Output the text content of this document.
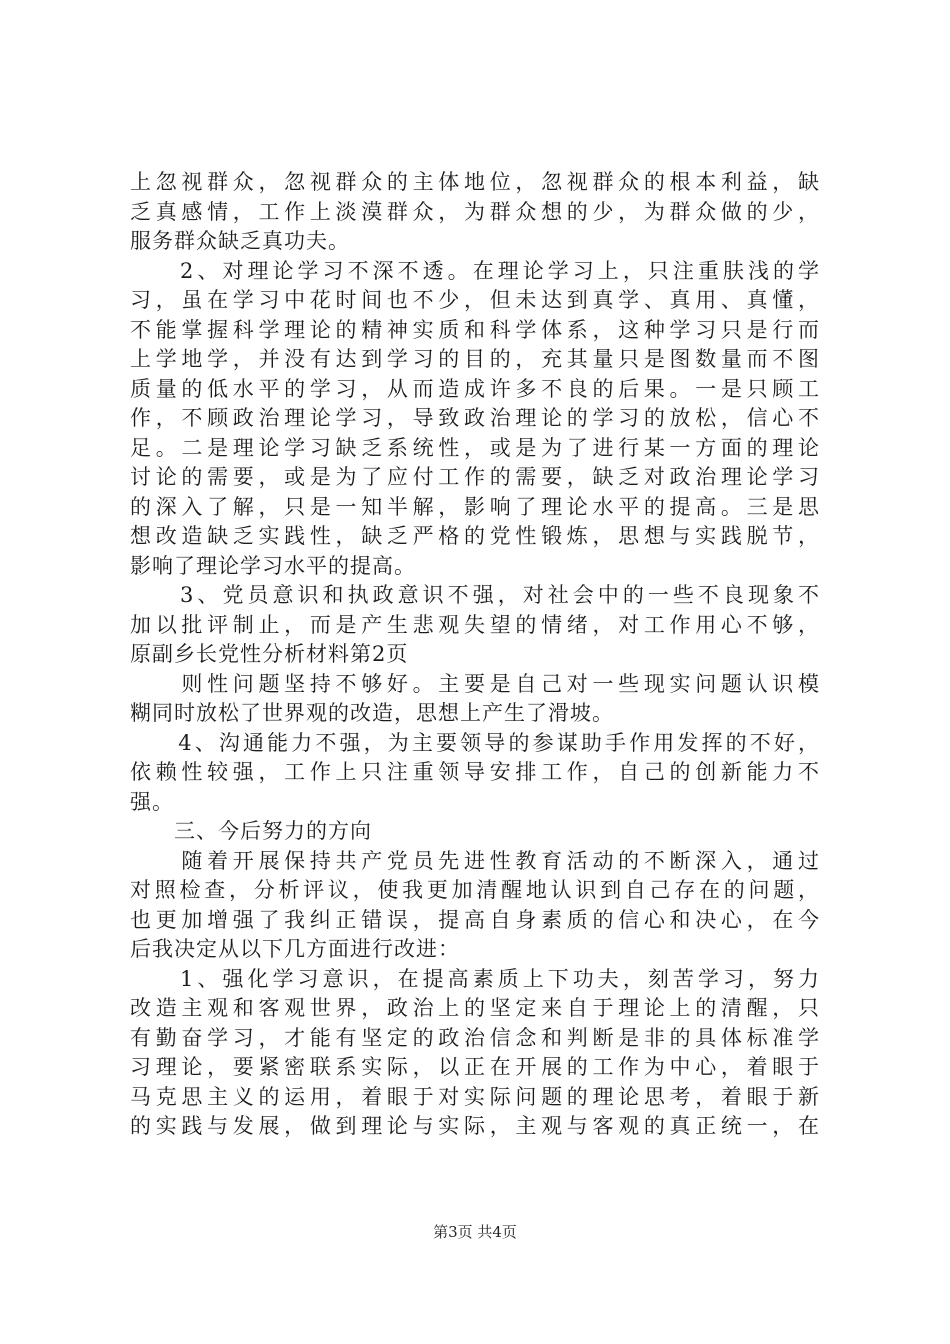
上忽视群众，忽视群众的主体地位，忽视群众的根本利益，缺
乏真感情，工作上淡漠群众，为群众想的少，为群众做的少，
服务群众缺乏真功夫。
　　2、对理论学习不深不透。在理论学习上，只注重肤浅的学
习，虽在学习中花时间也不少，但未达到真学、真用、真懂，
不能掌握科学理论的精神实质和科学体系，这种学习只是行而
上学地学，并没有达到学习的目的，充其量只是图数量而不图
质量的低水平的学习，从而造成许多不良的后果。一是只顾工
作，不顾政治理论学习，导致政治理论的学习的放松，信心不
足。二是理论学习缺乏系统性，或是为了进行某一方面的理论
讨论的需要，或是为了应付工作的需要，缺乏对政治理论学习
的深入了解，只是一知半解，影响了理论水平的提高。三是思
想改造缺乏实践性，缺乏严格的党性锻炼，思想与实践脱节，
影响了理论学习水平的提高。
　　3、党员意识和执政意识不强，对社会中的一些不良现象不
加以批评制止，而是产生悲观失望的情绪，对工作用心不够，
原副乡长党性分析材料第2页
　　则性问题坚持不够好。主要是自己对一些现实问题认识模
糊同时放松了世界观的改造，思想上产生了滑坡。
　　4、沟通能力不强，为主要领导的参谋助手作用发挥的不好，
依赖性较强，工作上只注重领导安排工作，自己的创新能力不
强。
　　三、今后努力的方向
　　随着开展保持共产党员先进性教育活动的不断深入，通过
对照检查，分析评议，使我更加清醒地认识到自己存在的问题，
也更加增强了我纠正错误，提高自身素质的信心和决心，在今
后我决定从以下几方面进行改进：
　　1、强化学习意识，在提高素质上下功夫，刻苦学习，努力
改造主观和客观世界，政治上的坚定来自于理论上的清醒，只
有勤奋学习，才能有坚定的政治信念和判断是非的具体标准学
习理论，要紧密联系实际，以正在开展的工作为中心，着眼于
马克思主义的运用，着眼于对实际问题的理论思考，着眼于新
的实践与发展，做到理论与实际，主观与客观的真正统一，在
第3页 共4页
